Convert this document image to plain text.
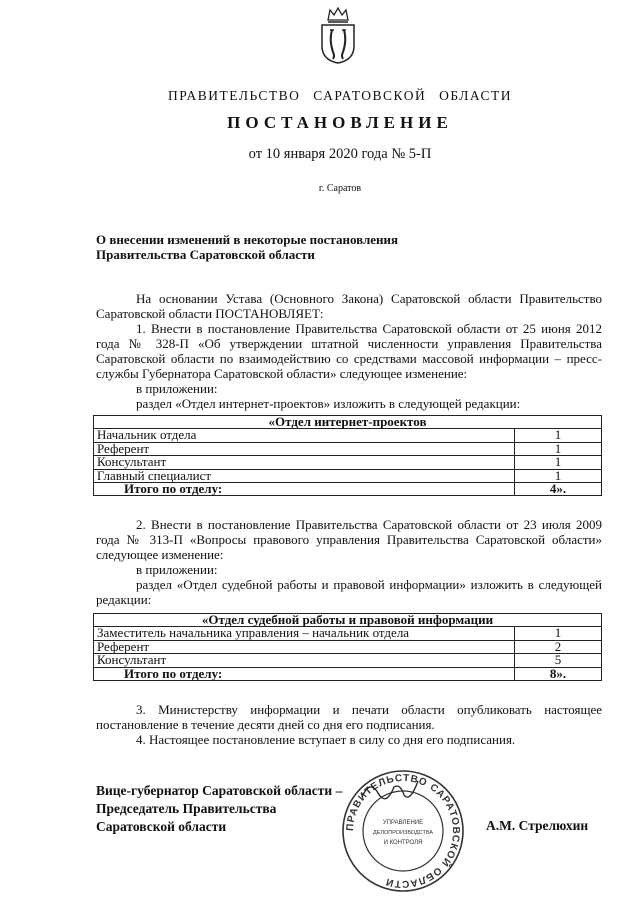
ПРАВИТЕЛЬСТВО САРАТОВСКОЙ ОБЛАСТИ
ПОСТАНОВЛЕНИЕ
от 10 января 2020 года № 5-П
г. Саратов
О внесении изменений в некоторые постановления
Правительства Саратовской области

На основании Устава (Основного Закона) Саратовской области Правительство Саратовской области ПОСТАНОВЛЯЕТ:

1. Внести в постановление Правительства Саратовской области от 25 июня 2012 года № 328-П «Об утверждении штатной численности управления Правительства Саратовской области по взаимодействию со средствами массовой информации – пресс-службы Губернатора Саратовской области» следующее изменение:

в приложении:

раздел «Отдел интернет-проектов» изложить в следующей редакции:

«Отдел интернет-проектов	
Начальник отдела	1
Референт	1
Консультант	1
Главный специалист	1
Итого по отделу:	4».

2. Внести в постановление Правительства Саратовской области от 23 июля 2009 года № 313-П «Вопросы правового управления Правительства Саратовской области» следующее изменение:

в приложении:

раздел «Отдел судебной работы и правовой информации» изложить в следующей редакции:

«Отдел судебной работы и правовой информации	
Заместитель начальника управления – начальник отдела	1
Референт	2
Консультант	5
Итого по отделу:	8».

3. Министерству информации и печати области опубликовать настоящее постановление в течение десяти дней со дня его подписания.

4. Настоящее постановление вступает в силу со дня его подписания.

ПРАВИТЕЛЬСТВО САРАТОВСКОЙ ОБЛАСТИ
УПРАВЛЕНИЕ
ДЕЛОПРОИЗВОДСТВА
И КОНТРОЛЯ
Вице-губернатор Саратовской области –
Председатель Правительства
Саратовской области	А.М. Стрелюхин
